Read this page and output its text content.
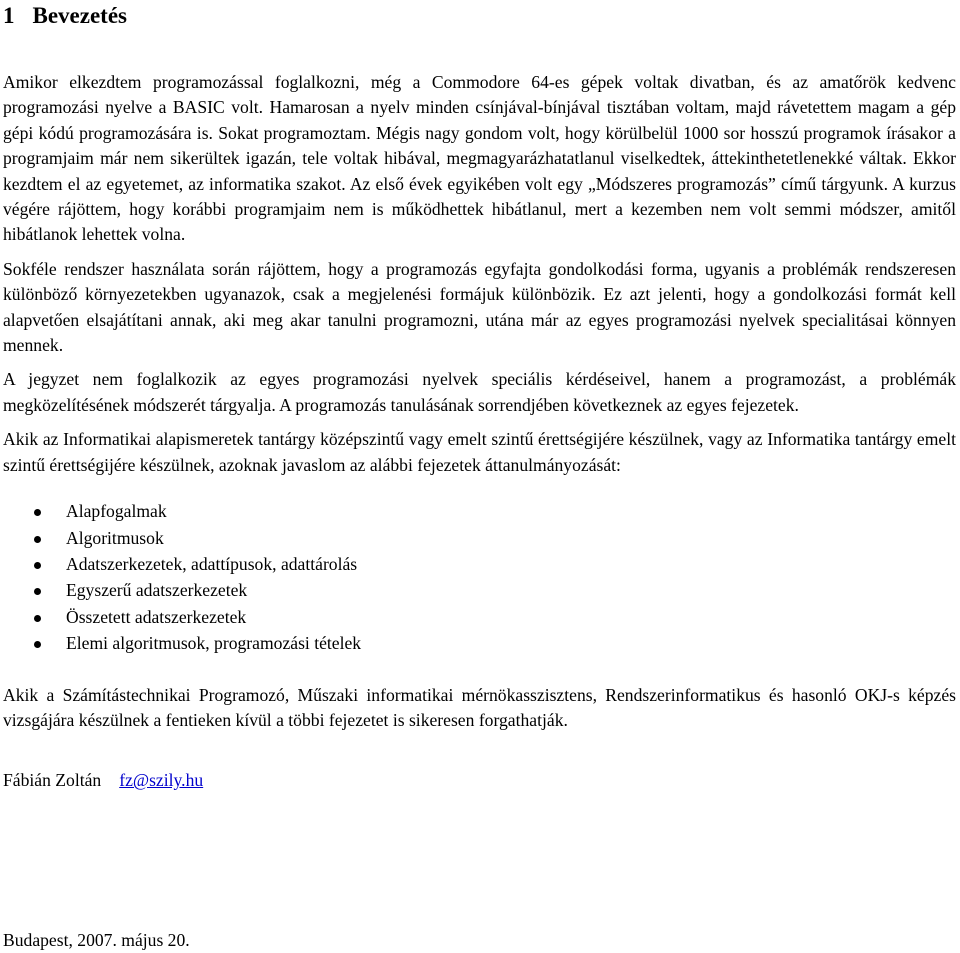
1 Bevezetés

Amikor elkezdtem programozással foglalkozni, még a Commodore 64-es gépek voltak divatban, és az amatőrök kedvenc programozási nyelve a BASIC volt. Hamarosan a nyelv minden csínjával-bínjával tisztában voltam, majd rávetettem magam a gép gépi kódú programozására is. Sokat programoztam. Mégis nagy gondom volt, hogy körülbelül 1000 sor hosszú programok írásakor a programjaim már nem sikerültek igazán, tele voltak hibával, megmagyarázhatatlanul viselkedtek, áttekinthetetlenekké váltak. Ekkor kezdtem el az egyetemet, az informatika szakot. Az első évek egyikében volt egy „Módszeres programozás” című tárgyunk. A kurzus végére rájöttem, hogy korábbi programjaim nem is működhettek hibátlanul, mert a kezemben nem volt semmi módszer, amitől hibátlanok lehettek volna.

Sokféle rendszer használata során rájöttem, hogy a programozás egyfajta gondolkodási forma, ugyanis a problémák rendszeresen különböző környezetekben ugyanazok, csak a megjelenési formájuk különbözik. Ez azt jelenti, hogy a gondolkozási formát kell alapvetően elsajátítani annak, aki meg akar tanulni programozni, utána már az egyes programozási nyelvek specialitásai könnyen mennek.

A jegyzet nem foglalkozik az egyes programozási nyelvek speciális kérdéseivel, hanem a programozást, a problémák megközelítésének módszerét tárgyalja. A programozás tanulásának sorrendjében következnek az egyes fejezetek.

Akik az Informatikai alapismeretek tantárgy középszintű vagy emelt szintű érettségijére készülnek, vagy az Informatika tantárgy emelt szintű érettségijére készülnek, azoknak javaslom az alábbi fejezetek áttanulmányozását:

Alapfogalmak
Algoritmusok
Adatszerkezetek, adattípusok, adattárolás
Egyszerű adatszerkezetek
Összetett adatszerkezetek
Elemi algoritmusok, programozási tételek

Akik a Számítástechnikai Programozó, Műszaki informatikai mérnökasszisztens, Rendszerinformatikus és hasonló OKJ-s képzés vizsgájára készülnek a fentieken kívül a többi fejezetet is sikeresen forgathatják.

Fábián Zoltán fz@szily.hu
Budapest, 2007. május 20.
